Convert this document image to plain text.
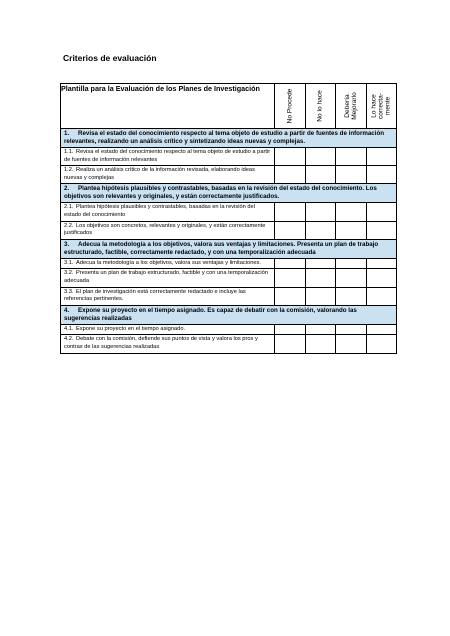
Criterios de evaluación
Plantilla para la Evaluación de los Planes de Investigación	No Procede	No lo hace	Debería Mejorarlo	Lo hace correcta-mente

1. Revisa el estado del conocimiento respecto al tema objeto de estudio a partir de fuentes de información relevantes, realizando un análisis crítico y sintetizando ideas nuevas y complejas.				
1.1. Revisa el estado del conocimiento respecto al tema objeto de estudio a partir de fuentes de información relevantes				
1.2. Realiza un análisis crítico de la información revisada, elaborando ideas nuevas y complejas				
2. Plantea hipótesis plausibles y contrastables, basadas en la revisión del estado del conocimiento. Los objetivos son relevantes y originales, y están correctamente justificados.				
2.1. Plantea hipótesis plausibles y contrastables, basadas en la revisión del estado del conocimiento				
2.2. Los objetivos son concretos, relevantes y originales, y están correctamente justificados				
3. Adecua la metodología a los objetivos, valora sus ventajas y limitaciones. Presenta un plan de trabajo estructurado, factible, correctamente redactado, y con una temporalización adecuada				
3.1. Adecua la metodología a los objetivos, valora sus ventajas y limitaciones.				
3.2. Presenta un plan de trabajo estructurado, factible y con una temporalización adecuada				
3.3. El plan de investigación está correctamente redactado e incluye las referencias pertinentes.				
4. Expone su proyecto en el tiempo asignado. Es capaz de debatir con la comisión, valorando las sugerencias realizadas				
4.1. Expone su proyecto en el tiempo asignado.				
4.2. Debate con la comisión, defiende sus puntos de vista y valora los pros y contras de las sugerencias realizadas				
